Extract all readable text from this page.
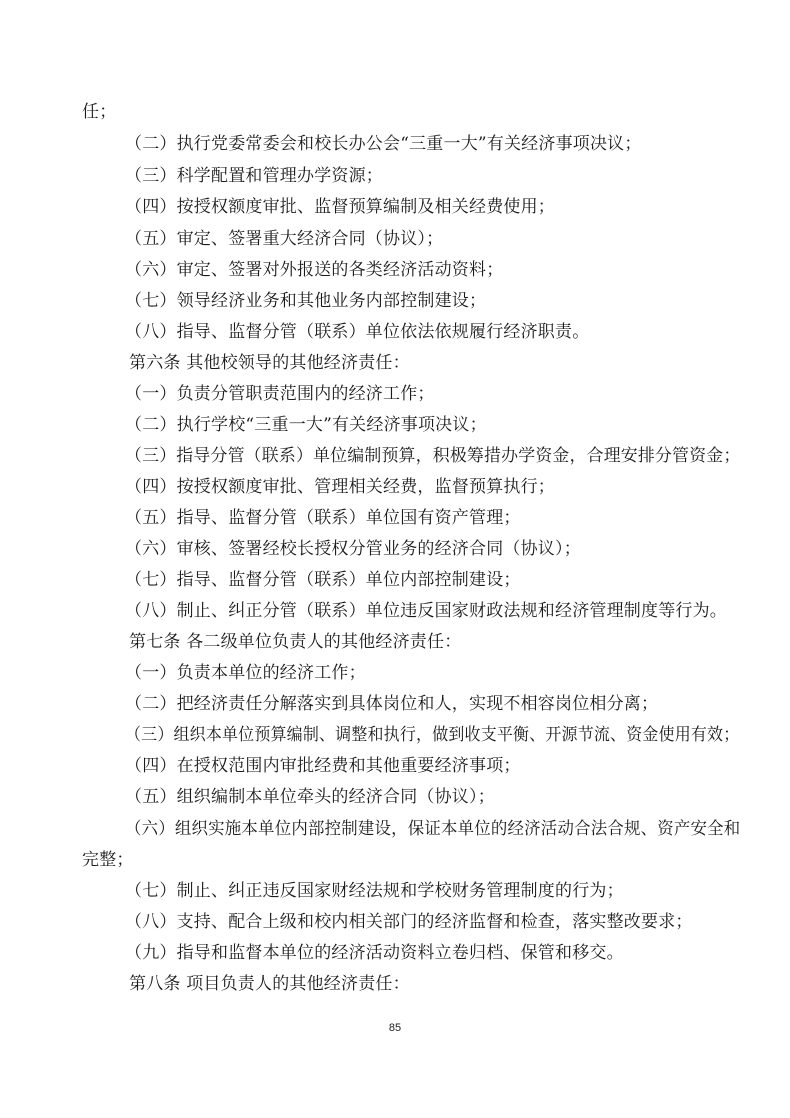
任；
（二）执行党委常委会和校长办公会“三重一大”有关经济事项决议；
（三）科学配置和管理办学资源；
（四）按授权额度审批、监督预算编制及相关经费使用；
（五）审定、签署重大经济合同（协议）；
（六）审定、签署对外报送的各类经济活动资料；
（七）领导经济业务和其他业务内部控制建设；
（八）指导、监督分管（联系）单位依法依规履行经济职责。
第六条 其他校领导的其他经济责任：
（一）负责分管职责范围内的经济工作；
（二）执行学校“三重一大”有关经济事项决议；
（三）指导分管（联系）单位编制预算，积极筹措办学资金，合理安排分管资金；
（四）按授权额度审批、管理相关经费，监督预算执行；
（五）指导、监督分管（联系）单位国有资产管理；
（六）审核、签署经校长授权分管业务的经济合同（协议）；
（七）指导、监督分管（联系）单位内部控制建设；
（八）制止、纠正分管（联系）单位违反国家财政法规和经济管理制度等行为。
第七条 各二级单位负责人的其他经济责任：
（一）负责本单位的经济工作；
（二）把经济责任分解落实到具体岗位和人，实现不相容岗位相分离；
（三）组织本单位预算编制、调整和执行，做到收支平衡、开源节流、资金使用有效；
（四）在授权范围内审批经费和其他重要经济事项；
（五）组织编制本单位牵头的经济合同（协议）；
（六）组织实施本单位内部控制建设，保证本单位的经济活动合法合规、资产安全和
完整；
（七）制止、纠正违反国家财经法规和学校财务管理制度的行为；
（八）支持、配合上级和校内相关部门的经济监督和检查，落实整改要求；
（九）指导和监督本单位的经济活动资料立卷归档、保管和移交。
第八条 项目负责人的其他经济责任：
85
